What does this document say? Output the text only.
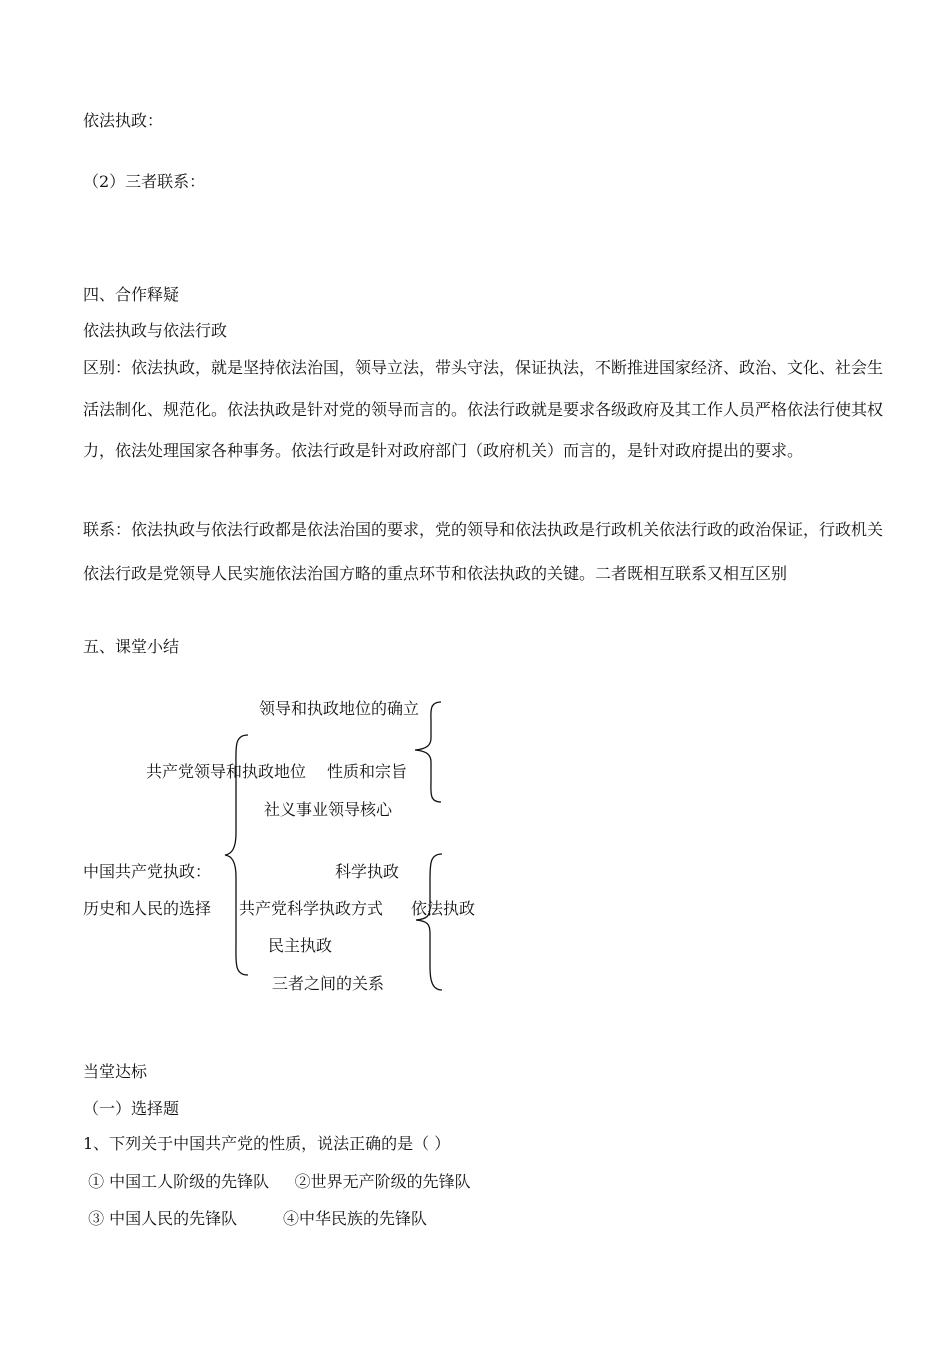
依法执政：
（2）三者联系：
四、合作释疑
依法执政与依法行政
区别：依法执政，就是坚持依法治国，领导立法，带头守法，保证执法，不断推进国家经济、政治、文化、社会生活法制化、规范化。依法执政是针对党的领导而言的。依法行政就是要求各级政府及其工作人员严格依法行使其权力，依法处理国家各种事务。依法行政是针对政府部门（政府机关）而言的，是针对政府提出的要求。
联系：依法执政与依法行政都是依法治国的要求，党的领导和依法执政是行政机关依法行政的政治保证，行政机关依法行政是党领导人民实施依法治国方略的重点环节和依法执政的关键。二者既相互联系又相互区别
五、课堂小结
领导和执政地位的确立
共产党领导和执政地位 性质和宗旨
社义事业领导核心
中国共产党执政：	科学执政
历史和人民的选择 共产党科学执政方式 依法执政
民主执政
三者之间的关系
当堂达标
（一）选择题
1、下列关于中国共产党的性质，说法正确的是（ ）
① 中国工人阶级的先锋队     ②世界无产阶级的先锋队
③ 中国人民的先锋队         ④中华民族的先锋队
